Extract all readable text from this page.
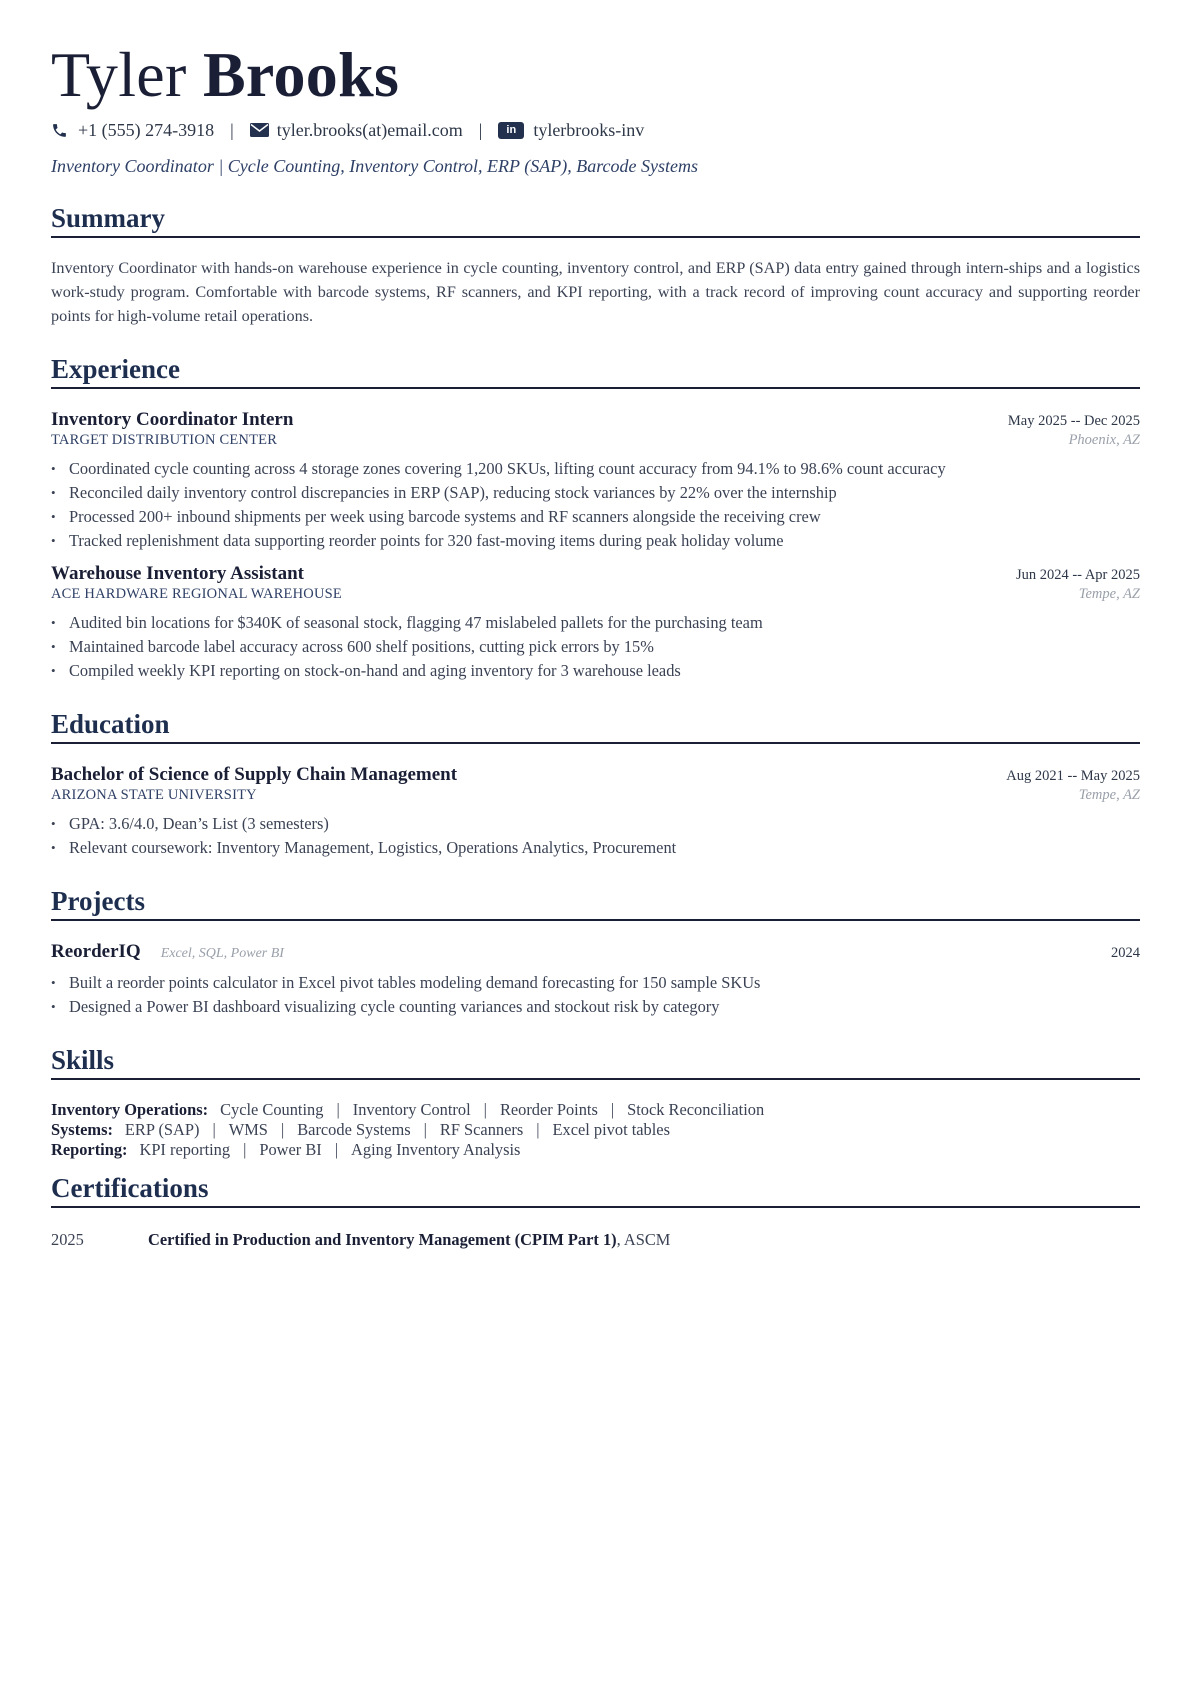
Tyler Brooks
+1 (555) 274-3918 | tyler.brooks(at)email.com |	in tylerbrooks-inv
Inventory Coordinator | Cycle Counting, Inventory Control, ERP (SAP), Barcode Systems
Summary
Inventory Coordinator with hands-on warehouse experience in cycle counting, inventory control, and ERP (SAP) data entry gained through intern-ships and a logistics work-study program. Comfortable with barcode systems, RF scanners, and KPI reporting, with a track record of improving count accuracy and supporting reorder points for high-volume retail operations.
Experience
Inventory Coordinator Intern	May 2025 -- Dec 2025
TARGET DISTRIBUTION CENTER	Phoenix, AZ
• Coordinated cycle counting across 4 storage zones covering 1,200 SKUs, lifting count accuracy from 94.1% to 98.6% count accuracy
• Reconciled daily inventory control discrepancies in ERP (SAP), reducing stock variances by 22% over the internship
• Processed 200+ inbound shipments per week using barcode systems and RF scanners alongside the receiving crew
• Tracked replenishment data supporting reorder points for 320 fast-moving items during peak holiday volume
Warehouse Inventory Assistant	Jun 2024 -- Apr 2025
ACE HARDWARE REGIONAL WAREHOUSE	Tempe, AZ
• Audited bin locations for $340K of seasonal stock, flagging 47 mislabeled pallets for the purchasing team
• Maintained barcode label accuracy across 600 shelf positions, cutting pick errors by 15%
• Compiled weekly KPI reporting on stock-on-hand and aging inventory for 3 warehouse leads
Education
Bachelor of Science of Supply Chain Management	Aug 2021 -- May 2025
ARIZONA STATE UNIVERSITY	Tempe, AZ
• GPA: 3.6/4.0, Dean’s List (3 semesters)
• Relevant coursework: Inventory Management, Logistics, Operations Analytics, Procurement
Projects
ReorderIQ Excel, SQL, Power BI	2024
• Built a reorder points calculator in Excel pivot tables modeling demand forecasting for 150 sample SKUs
• Designed a Power BI dashboard visualizing cycle counting variances and stockout risk by category
Skills
Inventory Operations: Cycle Counting | Inventory Control | Reorder Points | Stock Reconciliation
Systems: ERP (SAP) | WMS | Barcode Systems | RF Scanners | Excel pivot tables
Reporting: KPI reporting | Power BI | Aging Inventory Analysis
Certifications
2025	Certified in Production and Inventory Management (CPIM Part 1), ASCM
